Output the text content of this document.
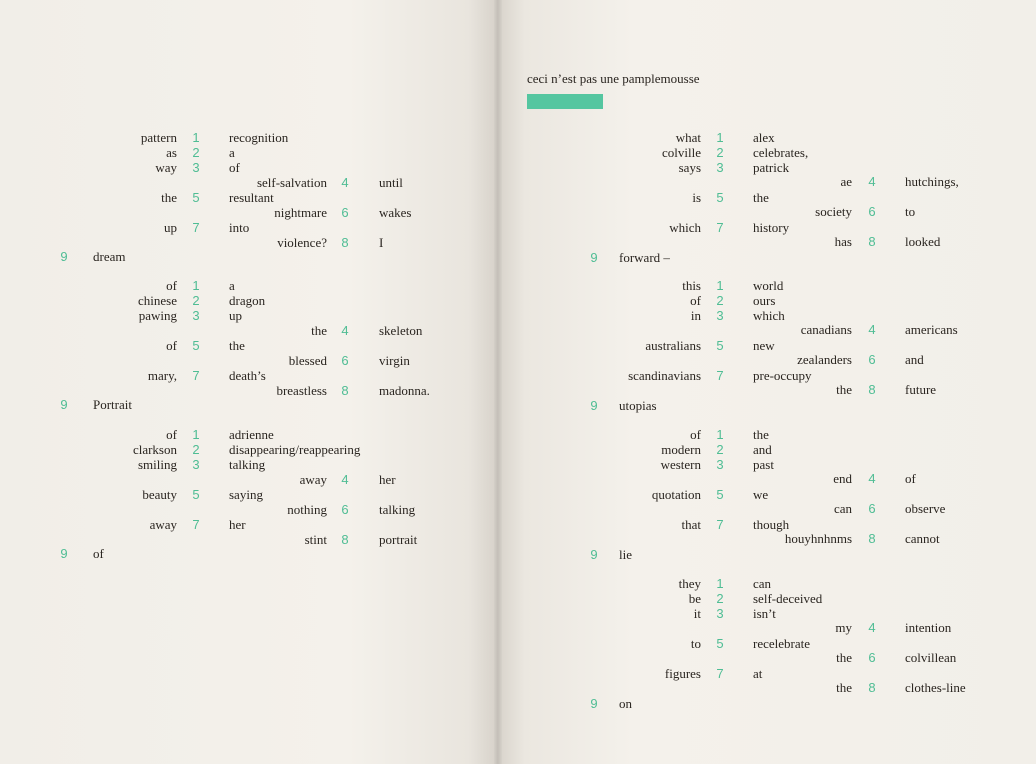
ceci n’est pas une pamplemousse
pattern 1 recognition
as 2 a
way 3 of
self-salvation 4 until
the 5 resultant
nightmare 6 wakes
up 7 into
violence? 8 I
9 dream
of 1 a
chinese 2 dragon
pawing 3 up
the 4 skeleton
of 5 the
blessed 6 virgin
mary, 7 death’s
breastless 8 madonna.
9 Portrait
of 1 adrienne
clarkson 2 disappearing/reappearing
smiling 3 talking
away 4 her
beauty 5 saying
nothing 6 talking
away 7 her
stint 8 portrait
9 of
what 1 alex
colville 2 celebrates,
says 3 patrick
ae 4 hutchings,
is 5 the
society 6 to
which 7 history
has 8 looked
9 forward –
this 1 world
of 2 ours
in 3 which
canadians 4 americans
australians 5 new
zealanders 6 and
scandinavians 7 pre-occupy
the 8 future
9 utopias
of 1 the
modern 2 and
western 3 past
end 4 of
quotation 5 we
can 6 observe
that 7 though
houyhnhnms 8 cannot
9 lie
they 1 can
be 2 self-deceived
it 3 isn’t
my 4 intention
to 5 recelebrate
the 6 colvillean
figures 7 at
the 8 clothes-line
9 on
